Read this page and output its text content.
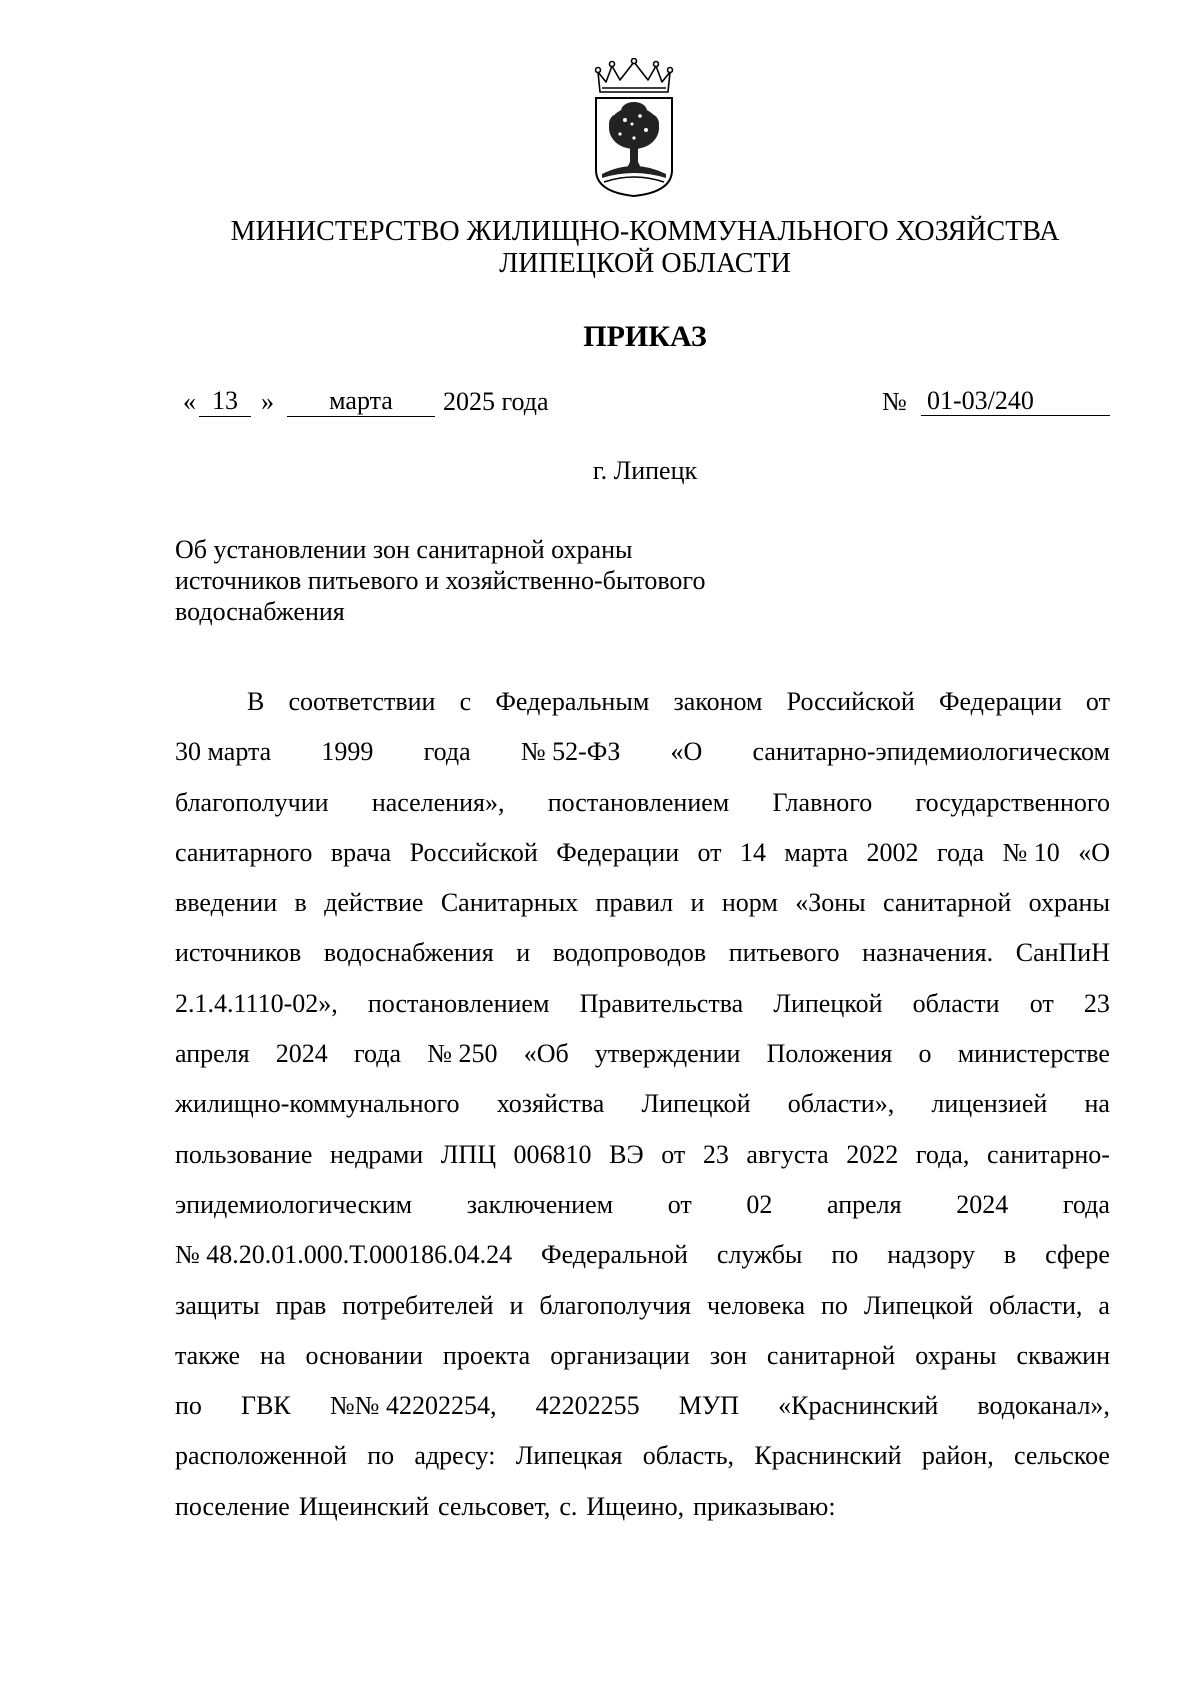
МИНИСТЕРСТВО ЖИЛИЩНО-КОММУНАЛЬНОГО ХОЗЯЙСТВА
ЛИПЕЦКОЙ ОБЛАСТИ
ПРИКАЗ
« 13 »	марта	2025 года	№ 01-03/240
г. Липецк
Об установлении зон санитарной охраны
источников питьевого и хозяйственно-бытового
водоснабжения
В соответствии с Федеральным законом Российской Федерации от
30 марта 1999 года № 52-ФЗ «О санитарно-эпидемиологическом
благополучии населения», постановлением Главного государственного
санитарного врача Российской Федерации от 14 марта 2002 года № 10 «О
введении в действие Санитарных правил и норм «Зоны санитарной охраны
источников водоснабжения и водопроводов питьевого назначения. СанПиН
2.1.4.1110-02», постановлением Правительства Липецкой области от 23
апреля 2024 года № 250 «Об утверждении Положения о министерстве
жилищно-коммунального хозяйства Липецкой области», лицензией на
пользование недрами ЛПЦ 006810 ВЭ от 23 августа 2022 года, санитарно-
эпидемиологическим заключением от 02 апреля 2024 года
№ 48.20.01.000.Т.000186.04.24 Федеральной службы по надзору в сфере
защиты прав потребителей и благополучия человека по Липецкой области, а
также на основании проекта организации зон санитарной охраны скважин
по ГВК №№ 42202254, 42202255 МУП «Краснинский водоканал»,
расположенной по адресу: Липецкая область, Краснинский район, сельское
поселение Ищеинский сельсовет, с. Ищеино, приказываю:
